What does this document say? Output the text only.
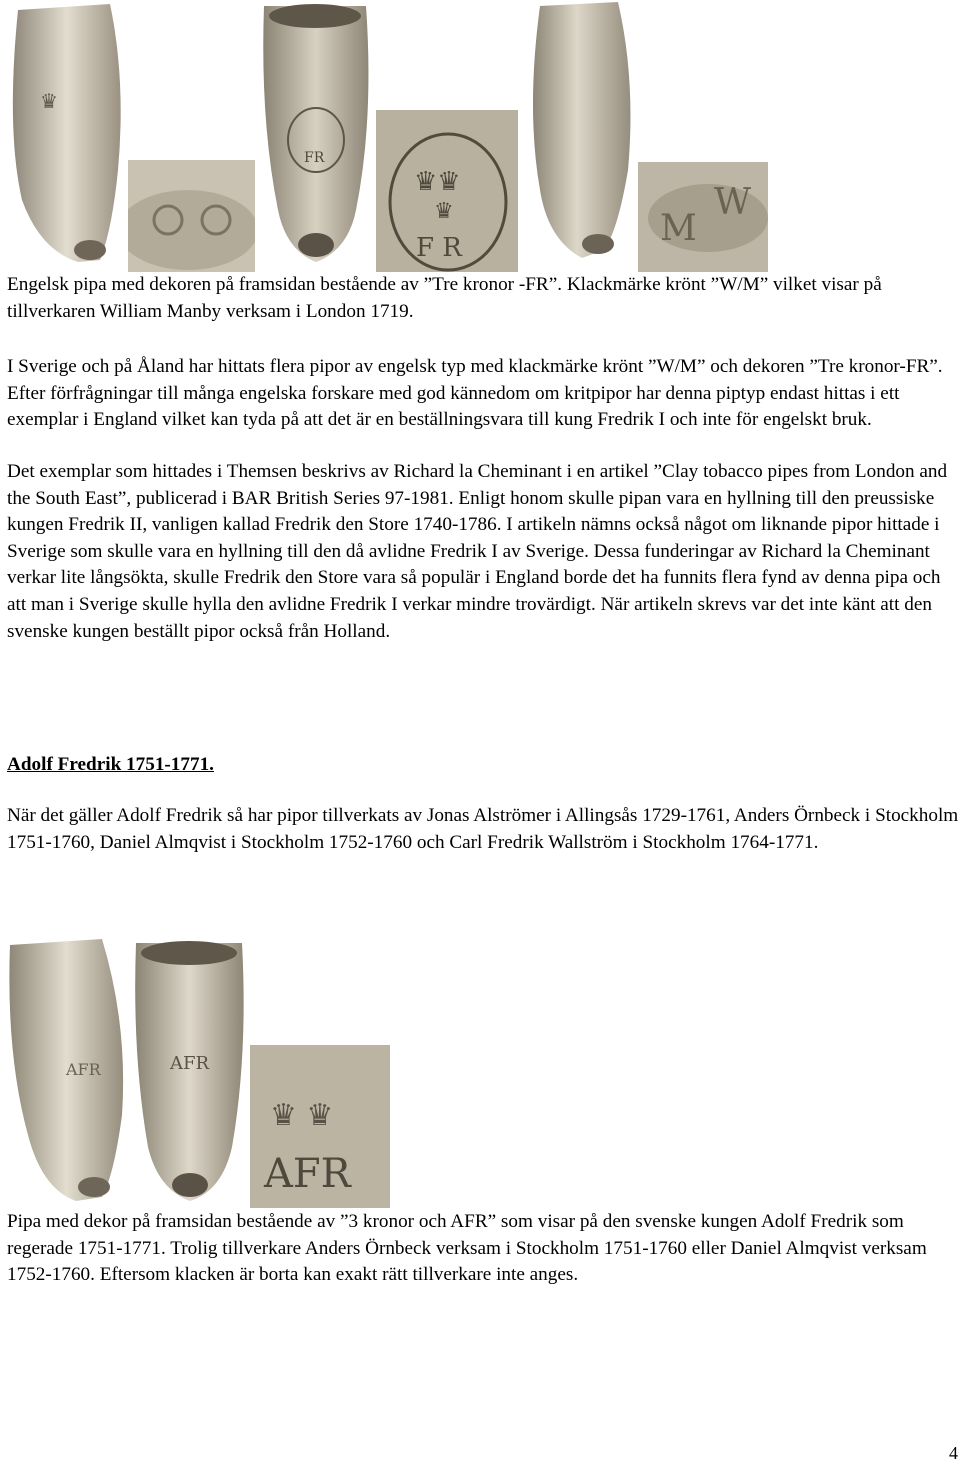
♛
FR
♛♛
♛
F R	M
W

Engelsk pipa med dekoren på framsidan bestående av ”Tre kronor -FR”. Klackmärke krönt ”W/M” vilket visar på tillverkaren William Manby verksam i London 1719.

I Sverige och på Åland har hittats flera pipor av engelsk typ med klackmärke krönt ”W/M” och dekoren ”Tre kronor-FR”. Efter förfrågningar till många engelska forskare med god kännedom om kritpipor har denna piptyp endast hittas i ett exemplar i England vilket kan tyda på att det är en beställningsvara till kung Fredrik I och inte för engelskt bruk.

Det exemplar som hittades i Themsen beskrivs av Richard la Cheminant i en artikel ”Clay tobacco pipes from London and the South East”, publicerad i BAR British Series 97-1981. Enligt honom skulle pipan vara en hyllning till den preussiske kungen Fredrik II, vanligen kallad Fredrik den Store 1740-1786. I artikeln nämns också något om liknande pipor hittade i Sverige som skulle vara en hyllning till den då avlidne Fredrik I av Sverige. Dessa funderingar av Richard la Cheminant verkar lite långsökta, skulle Fredrik den Store vara så populär i England borde det ha funnits flera fynd av denna pipa och att man i Sverige skulle hylla den avlidne Fredrik I verkar mindre trovärdigt. När artikeln skrevs var det inte känt att den svenske kungen beställt pipor också från Holland.

Adolf Fredrik 1751-1771.

När det gäller Adolf Fredrik så har pipor tillverkats av Jonas Alströmer i Allingsås 1729-1761, Anders Örnbeck i Stockholm 1751-1760, Daniel Almqvist i Stockholm 1752-1760 och Carl Fredrik Wallström i Stockholm 1764-1771.

AFR	AFR
♛ ♛
AFR

Pipa med dekor på framsidan bestående av ”3 kronor och AFR” som visar på den svenske kungen Adolf Fredrik som regerade 1751-1771. Trolig tillverkare Anders Örnbeck verksam i Stockholm 1751-1760 eller Daniel Almqvist verksam 1752-1760. Eftersom klacken är borta kan exakt rätt tillverkare inte anges.

4
